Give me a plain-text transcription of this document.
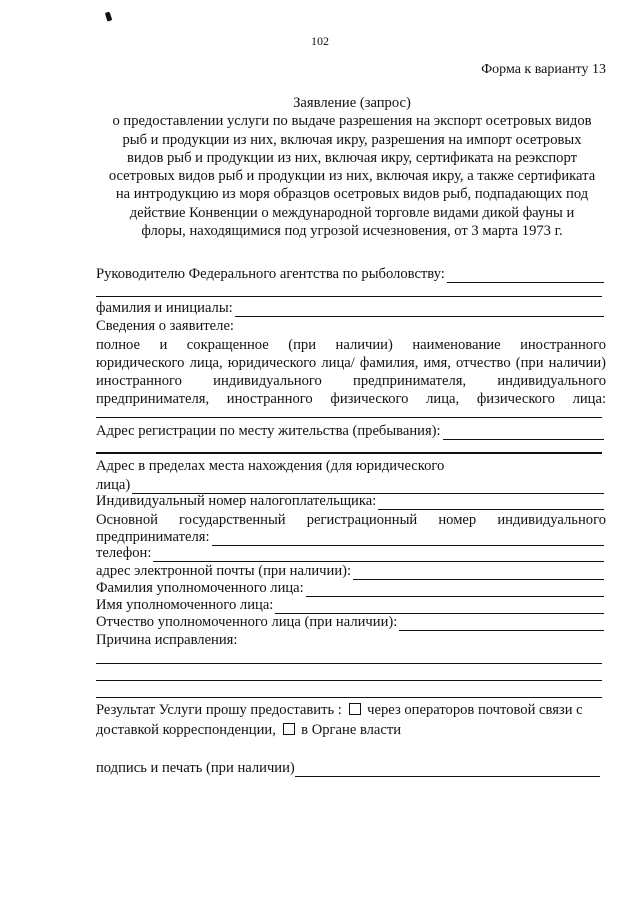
102
Форма к варианту 13
Заявление (запрос)
о предоставлении услуги по выдаче разрешения на экспорт осетровых видов
рыб и продукции из них, включая икру, разрешения на импорт осетровых
видов рыб и продукции из них, включая икру, сертификата на реэкспорт
осетровых видов рыб и продукции из них, включая икру, а также сертификата
на интродукцию из моря образцов осетровых видов рыб, подпадающих под
действие Конвенции о международной торговле видами дикой фауны и
флоры, находящимися под угрозой исчезновения, от 3 марта 1973 г.
Руководителю Федерального агентства по рыболовству:
фамилия и инициалы:
Сведения о заявителе:
полное и сокращенное (при наличии) наименование иностранного
юридического лица, юридического лица/ фамилия, имя, отчество (при наличии)
иностранного индивидуального предпринимателя, индивидуального
предпринимателя, иностранного физического лица, физического лица:
Адрес регистрации по месту жительства (пребывания):
Адрес в пределах места нахождения (для юридического
лица)
Индивидуальный номер налогоплательщика:
Основной государственный регистрационный номер индивидуального
предпринимателя:
телефон:
адрес электронной почты (при наличии):
Фамилия уполномоченного лица:
Имя уполномоченного лица:
Отчество уполномоченного лица (при наличии):
Причина исправления:
Результат Услуги прошу предоставить : через операторов почтовой связи с
доставкой корреспонденции, в Органе власти
подпись и печать (при наличии)
